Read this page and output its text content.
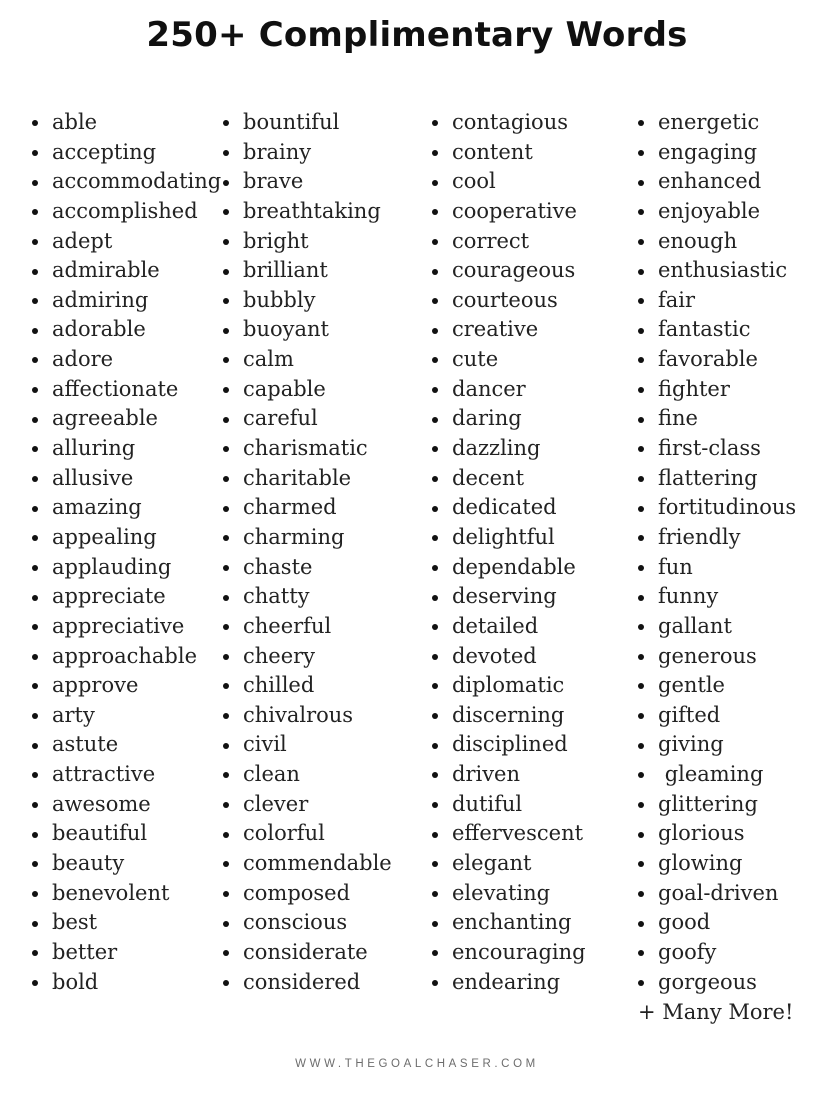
250+ Complimentary Words
able
accepting
accommodating
accomplished
adept
admirable
admiring
adorable
adore
affectionate
agreeable
alluring
allusive
amazing
appealing
applauding
appreciate
appreciative
approachable
approve
arty
astute
attractive
awesome
beautiful
beauty
benevolent
best
better
bold
bountiful
brainy
brave
breathtaking
bright
brilliant
bubbly
buoyant
calm
capable
careful
charismatic
charitable
charmed
charming
chaste
chatty
cheerful
cheery
chilled
chivalrous
civil
clean
clever
colorful
commendable
composed
conscious
considerate
considered
contagious
content
cool
cooperative
correct
courageous
courteous
creative
cute
dancer
daring
dazzling
decent
dedicated
delightful
dependable
deserving
detailed
devoted
diplomatic
discerning
disciplined
driven
dutiful
effervescent
elegant
elevating
enchanting
encouraging
endearing
energetic
engaging
enhanced
enjoyable
enough
enthusiastic
fair
fantastic
favorable
fighter
fine
first-class
flattering
fortitudinous
friendly
fun
funny
gallant
generous
gentle
gifted
giving
gleaming
glittering
glorious
glowing
goal-driven
good
goofy
gorgeous
+ Many More!
WWW.THEGOALCHASER.COM
